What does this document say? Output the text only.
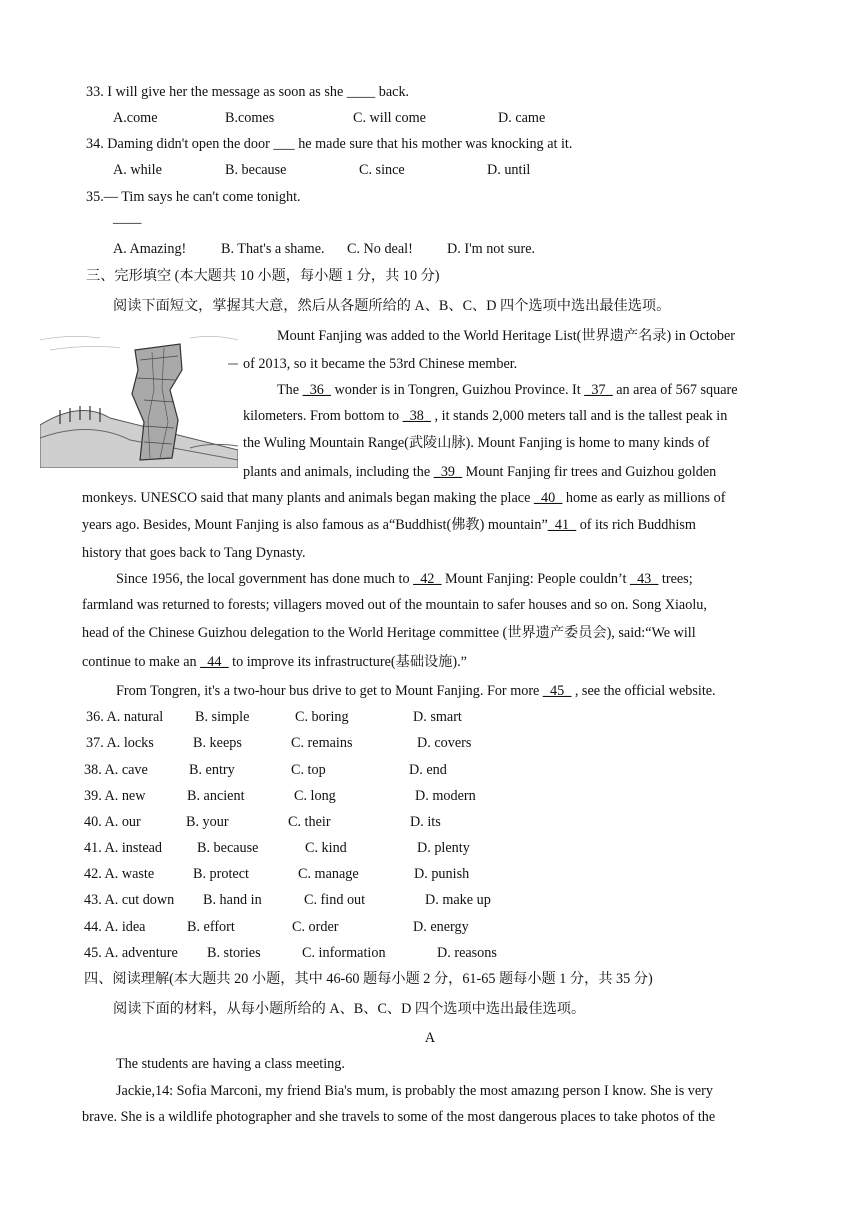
33. I will give her the message as soon as she ____ back.
A.come	B.comes	C. will come	D. came
34. Daming didn't open the door ___ he made sure that his mother was knocking at it.
A. while	B. because	C. since	D. until
35.— Tim says he can't come tonight.
——
A. Amazing! B. That's a shame. C. No deal! D. I'm not sure.
三、完形填空 (本大题共 10 小题，每小题 1 分，共 10 分)
阅读下面短文，掌握其大意，然后从各题所给的 A、B、C、D 四个选项中选出最佳选项。
Mount Fanjing was added to the World Heritage List(世界遗产名录) in October
of 2013, so it became the 53rd Chinese member.
The _36_ wonder is in Tongren, Guizhou Province. It _37_ an area of 567 square
kilometers. From bottom to _38_ , it stands 2,000 meters tall and is the tallest peak in
the Wuling Mountain Range(武陵山脉). Mount Fanjing is home to many kinds of
plants and animals, including the _39_ Mount Fanjing fir trees and Guizhou golden
monkeys. UNESCO said that many plants and animals began making the place _40_ home as early as millions of
years ago. Besides, Mount Fanjing is also famous as a“Buddhist(佛教) mountain”_41_ of its rich Buddhism
history that goes back to Tang Dynasty.
Since 1956, the local government has done much to _42_ Mount Fanjing: People couldn’t _43_ trees;
farmland was returned to forests; villagers moved out of the mountain to safer houses and so on. Song Xiaolu,
head of the Chinese Guizhou delegation to the World Heritage committee (世界遗产委员会), said:“We will
continue to make an _44_ to improve its infrastructure(基础设施).”
From Tongren, it's a two-hour bus drive to get to Mount Fanjing. For more _45_ , see the official website.
36. A. natural B. simple	C. boring	D. smart
37. A. locks	B. keeps	C. remains	D. covers
38. A. cave	B. entry	C. top	D. end
39. A. new	B. ancient	C. long	D. modern
40. A. our	B. your	C. their	D. its
41. A. instead B. because	C. kind	D. plenty
42. A. waste	B. protect	C. manage	D. punish
43. A. cut down B. hand in	C. find out	D. make up
44. A. idea	B. effort	C. order	D. energy
45. A. adventure B. stories	C. information	D. reasons
四、阅读理解(本大题共 20 小题，其中 46-60 题每小题 2 分，61-65 题每小题 1 分，共 35 分)
阅读下面的材料，从每小题所给的 A、B、C、D 四个选项中选出最佳选项。
A
The students are having a class meeting.
Jackie,14: Sofia Marconi, my friend Bia's mum, is probably the most amazıng person I know. She is very
brave. She is a wildlife photographer and she travels to some of the most dangerous places to take photos of the
